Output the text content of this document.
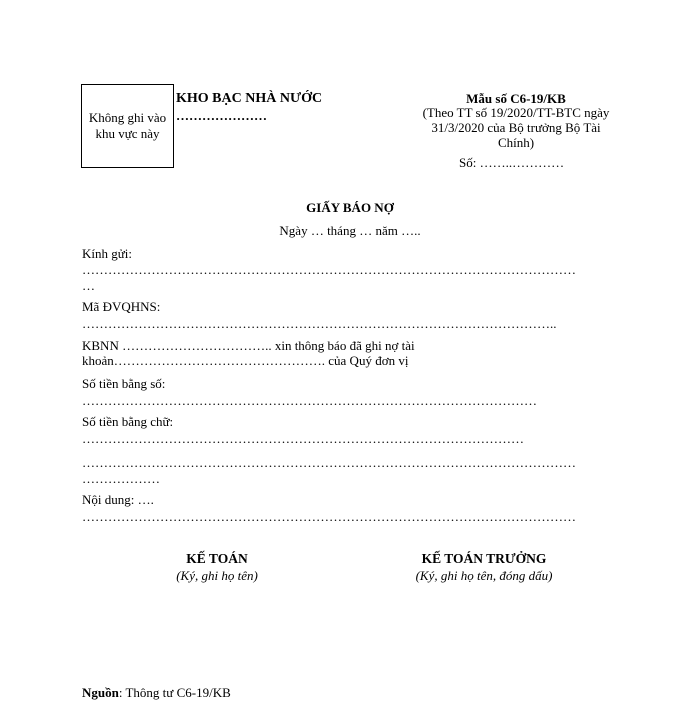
Không ghi vào khu vực này
KHO BẠC NHÀ NƯỚC
…………………
Mẫu số C6-19/KB
(Theo TT số 19/2020/TT-BTC ngày 31/3/2020 của Bộ trưởng Bộ Tài Chính)
Số: ……..…………
GIẤY BÁO NỢ
Ngày … tháng … năm …..
Kính gửi:
……………………………………………………………………………………………………
…
Mã ĐVQHNS:
………………………………………………………………………………………………..
KBNN …………………………….. xin thông báo đã ghi nợ tài
khoản…………………………………………. của Quý đơn vị
Số tiền bằng số:
……………………………………………………………………………………………
Số tiền bằng chữ:
…………………………………………………………………………………………
……………………………………………………………………………………………………
………………
Nội dung: ….
……………………………………………………………………………………………………
KẾ TOÁN
(Ký, ghi họ tên)
KẾ TOÁN TRƯỞNG
(Ký, ghi họ tên, đóng dấu)
Nguồn: Thông tư C6-19/KB
